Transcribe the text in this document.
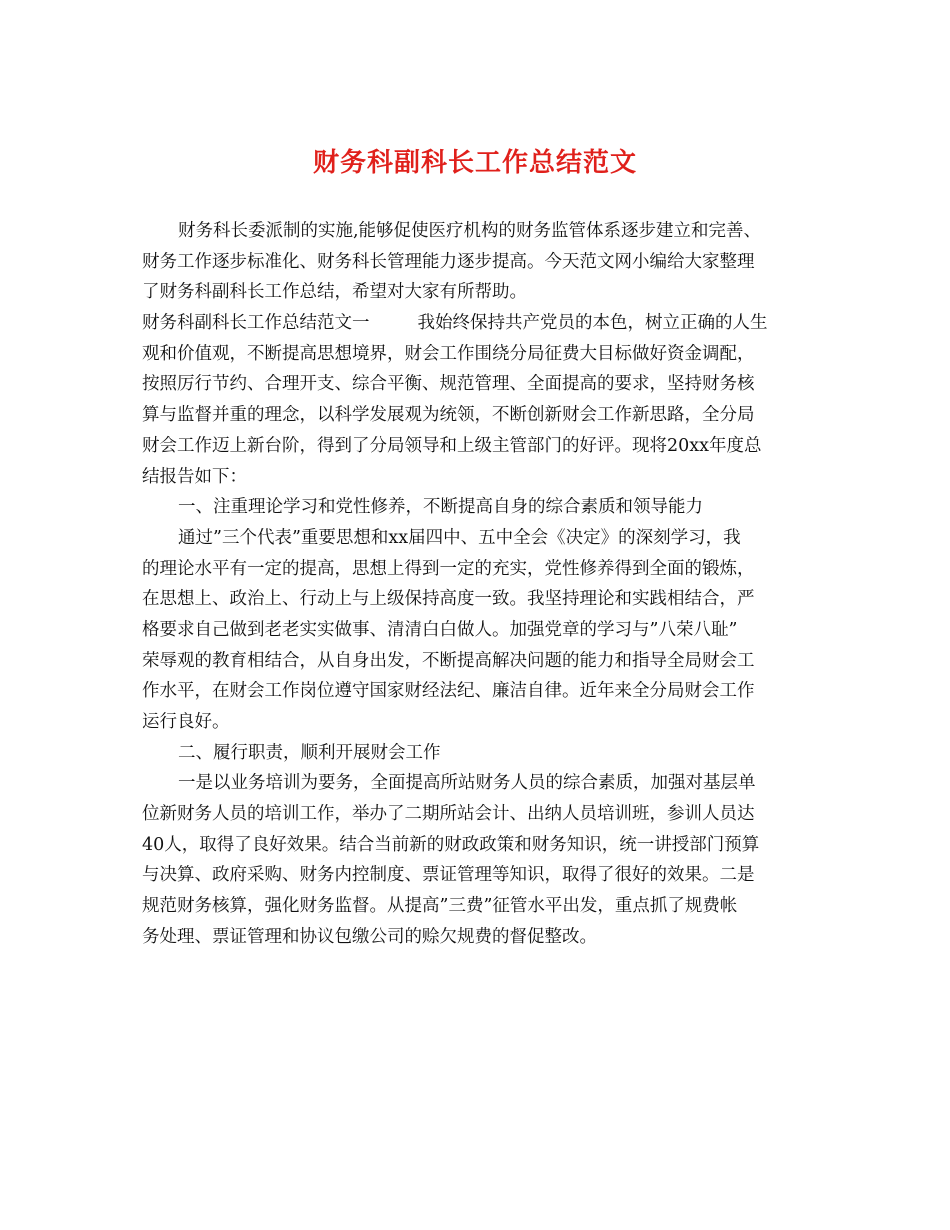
财务科副科长工作总结范文
财务科长委派制的实施,能够促使医疗机构的财务监管体系逐步建立和完善、
财务工作逐步标准化、财务科长管理能力逐步提高。今天范文网小编给大家整理
了财务科副科长工作总结，希望对大家有所帮助。
财务科副科长工作总结范文一	我始终保持共产党员的本色，树立正确的人生
观和价值观，不断提高思想境界，财会工作围绕分局征费大目标做好资金调配，
按照厉行节约、合理开支、综合平衡、规范管理、全面提高的要求，坚持财务核
算与监督并重的理念，以科学发展观为统领，不断创新财会工作新思路，全分局
财会工作迈上新台阶，得到了分局领导和上级主管部门的好评。现将20xx年度总
结报告如下：
一、注重理论学习和党性修养，不断提高自身的综合素质和领导能力
通过”三个代表”重要思想和xx届四中、五中全会《决定》的深刻学习，我
的理论水平有一定的提高，思想上得到一定的充实，党性修养得到全面的锻炼，
在思想上、政治上、行动上与上级保持高度一致。我坚持理论和实践相结合，严
格要求自己做到老老实实做事、清清白白做人。加强党章的学习与”八荣八耻”
荣辱观的教育相结合，从自身出发，不断提高解决问题的能力和指导全局财会工
作水平，在财会工作岗位遵守国家财经法纪、廉洁自律。近年来全分局财会工作
运行良好。
二、履行职责，顺利开展财会工作
一是以业务培训为要务，全面提高所站财务人员的综合素质，加强对基层单
位新财务人员的培训工作，举办了二期所站会计、出纳人员培训班，参训人员达
40人，取得了良好效果。结合当前新的财政政策和财务知识，统一讲授部门预算
与决算、政府采购、财务内控制度、票证管理等知识，取得了很好的效果。二是
规范财务核算，强化财务监督。从提高”三费”征管水平出发，重点抓了规费帐
务处理、票证管理和协议包缴公司的赊欠规费的督促整改。
